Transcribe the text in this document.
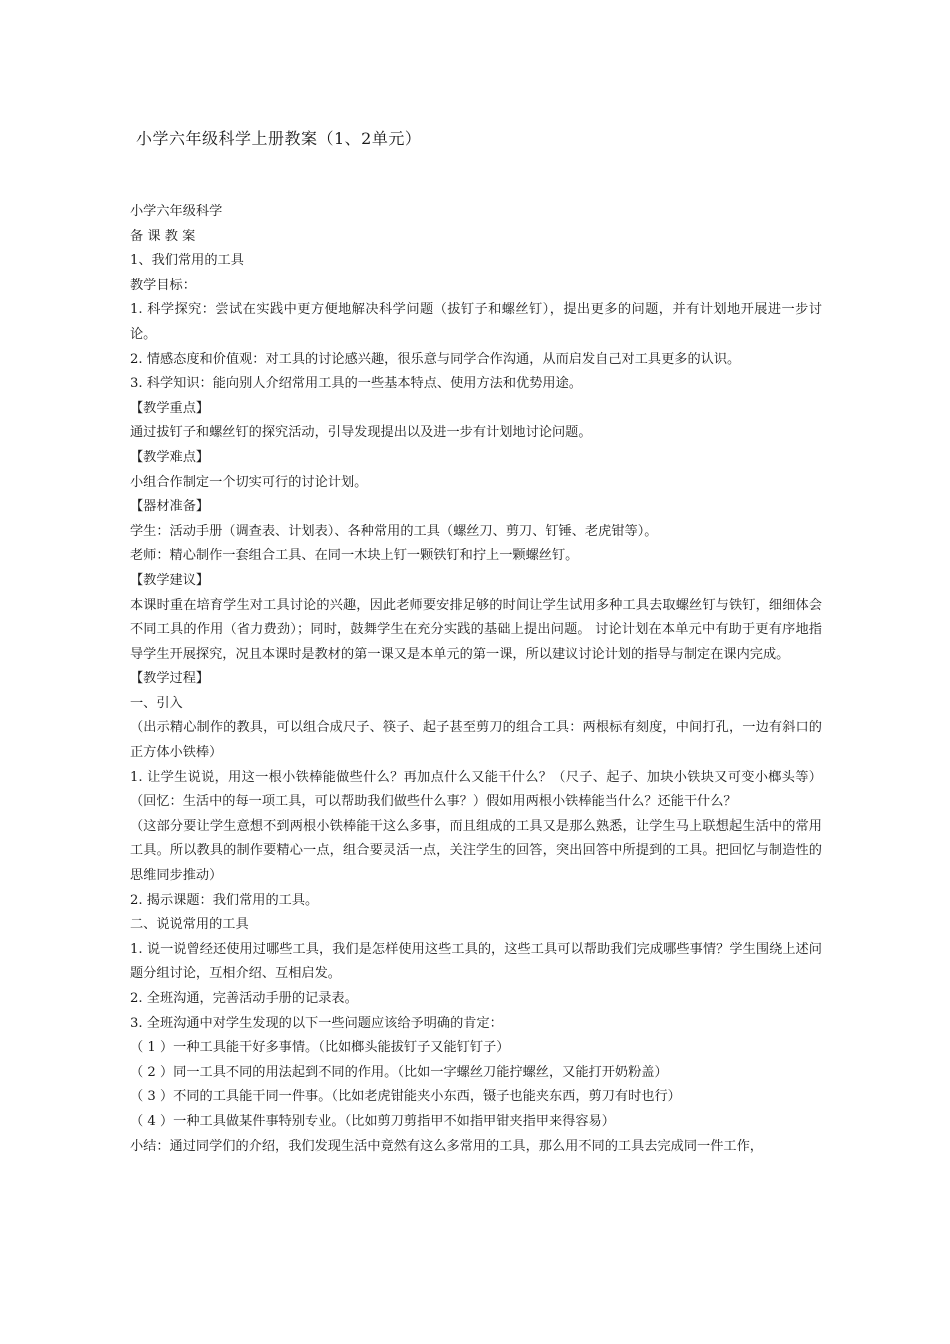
小学六年级科学上册教案（1、2单元）

小学六年级科学

备 课 教 案

1、我们常用的工具

教学目标：

1. 科学探究：尝试在实践中更方便地解决科学问题（拔钉子和螺丝钉），提出更多的问题，并有计划地开展进一步讨论。

2. 情感态度和价值观：对工具的讨论感兴趣，很乐意与同学合作沟通，从而启发自己对工具更多的认识。

3. 科学知识：能向别人介绍常用工具的一些基本特点、使用方法和优势用途。

【教学重点】

通过拔钉子和螺丝钉的探究活动，引导发现提出以及进一步有计划地讨论问题。

【教学难点】

小组合作制定一个切实可行的讨论计划。

【器材准备】

学生：活动手册（调查表、计划表）、各种常用的工具（螺丝刀、剪刀、钉锤、老虎钳等）。

老师：精心制作一套组合工具、在同一木块上钉一颗铁钉和拧上一颗螺丝钉。

【教学建议】

本课时重在培育学生对工具讨论的兴趣，因此老师要安排足够的时间让学生试用多种工具去取螺丝钉与铁钉，细细体会不同工具的作用（省力费劲）；同时，鼓舞学生在充分实践的基础上提出问题。 讨论计划在本单元中有助于更有序地指导学生开展探究，况且本课时是教材的第一课又是本单元的第一课，所以建议讨论计划的指导与制定在课内完成。

【教学过程】

一、引入

（出示精心制作的教具，可以组合成尺子、筷子、起子甚至剪刀的组合工具：两根标有刻度，中间打孔，一边有斜口的正方体小铁棒）

1. 让学生说说，用这一根小铁棒能做些什么？再加点什么又能干什么？（尺子、起子、加块小铁块又可变小榔头等）（回忆：生活中的每一项工具，可以帮助我们做些什么事？）假如用两根小铁棒能当什么？还能干什么？

（这部分要让学生意想不到两根小铁棒能干这么多事，而且组成的工具又是那么熟悉，让学生马上联想起生活中的常用工具。所以教具的制作要精心一点，组合要灵活一点，关注学生的回答，突出回答中所提到的工具。把回忆与制造性的思维同步推动）

2. 揭示课题：我们常用的工具。

二、说说常用的工具

1. 说一说曾经还使用过哪些工具，我们是怎样使用这些工具的，这些工具可以帮助我们完成哪些事情？学生围绕上述问题分组讨论，互相介绍、互相启发。

2. 全班沟通，完善活动手册的记录表。

3. 全班沟通中对学生发现的以下一些问题应该给予明确的肯定：

（ 1 ）一种工具能干好多事情。（比如榔头能拔钉子又能钉钉子）

（ 2 ）同一工具不同的用法起到不同的作用。（比如一字螺丝刀能拧螺丝，又能打开奶粉盖）

（ 3 ）不同的工具能干同一件事。（比如老虎钳能夹小东西，镊子也能夹东西，剪刀有时也行）

（ 4 ）一种工具做某件事特别专业。（比如剪刀剪指甲不如指甲钳夹指甲来得容易）

小结：通过同学们的介绍，我们发现生活中竟然有这么多常用的工具，那么用不同的工具去完成同一件工作，
